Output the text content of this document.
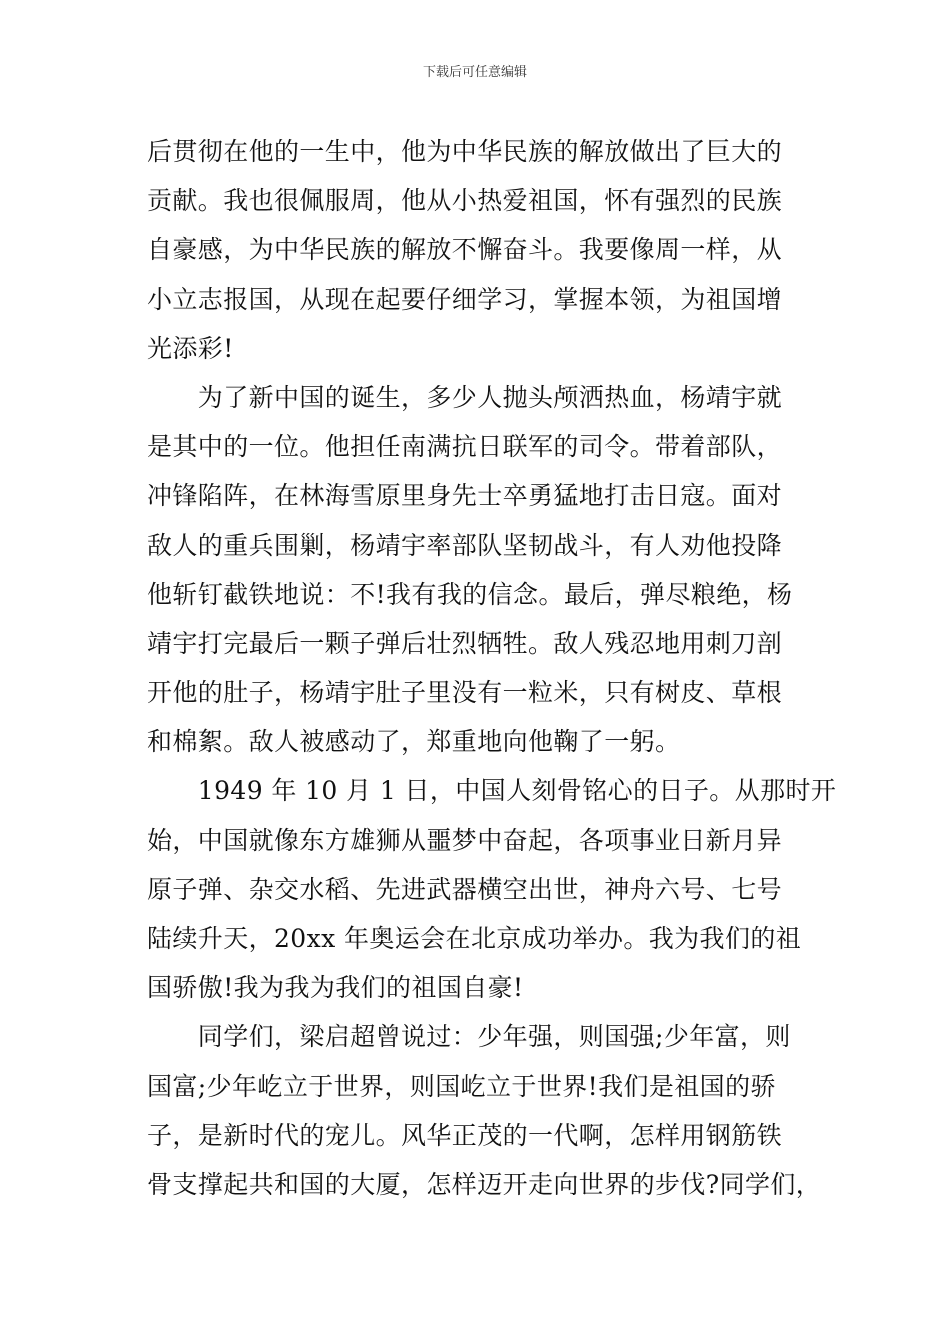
下载后可任意编辑
后贯彻在他的一生中，他为中华民族的解放做出了巨大的
贡献。我也很佩服周，他从小热爱祖国，怀有强烈的民族
自豪感，为中华民族的解放不懈奋斗。我要像周一样，从
小立志报国，从现在起要仔细学习，掌握本领，为祖国增
光添彩!
　　为了新中国的诞生，多少人抛头颅洒热血，杨靖宇就
是其中的一位。他担任南满抗日联军的司令。带着部队，
冲锋陷阵，在林海雪原里身先士卒勇猛地打击日寇。面对
敌人的重兵围剿，杨靖宇率部队坚韧战斗，有人劝他投降
他斩钉截铁地说：不!我有我的信念。最后，弹尽粮绝，杨
靖宇打完最后一颗子弹后壮烈牺牲。敌人残忍地用刺刀剖
开他的肚子，杨靖宇肚子里没有一粒米，只有树皮、草根
和棉絮。敌人被感动了，郑重地向他鞠了一躬。
　　1949 年 10 月 1 日，中国人刻骨铭心的日子。从那时开
始，中国就像东方雄狮从噩梦中奋起，各项事业日新月异
原子弹、杂交水稻、先进武器横空出世，神舟六号、七号
陆续升天，20xx 年奥运会在北京成功举办。我为我们的祖
国骄傲!我为我为我们的祖国自豪!
　　同学们，梁启超曾说过：少年强，则国强;少年富，则
国富;少年屹立于世界，则国屹立于世界!我们是祖国的骄
子，是新时代的宠儿。风华正茂的一代啊，怎样用钢筋铁
骨支撑起共和国的大厦，怎样迈开走向世界的步伐?同学们，
